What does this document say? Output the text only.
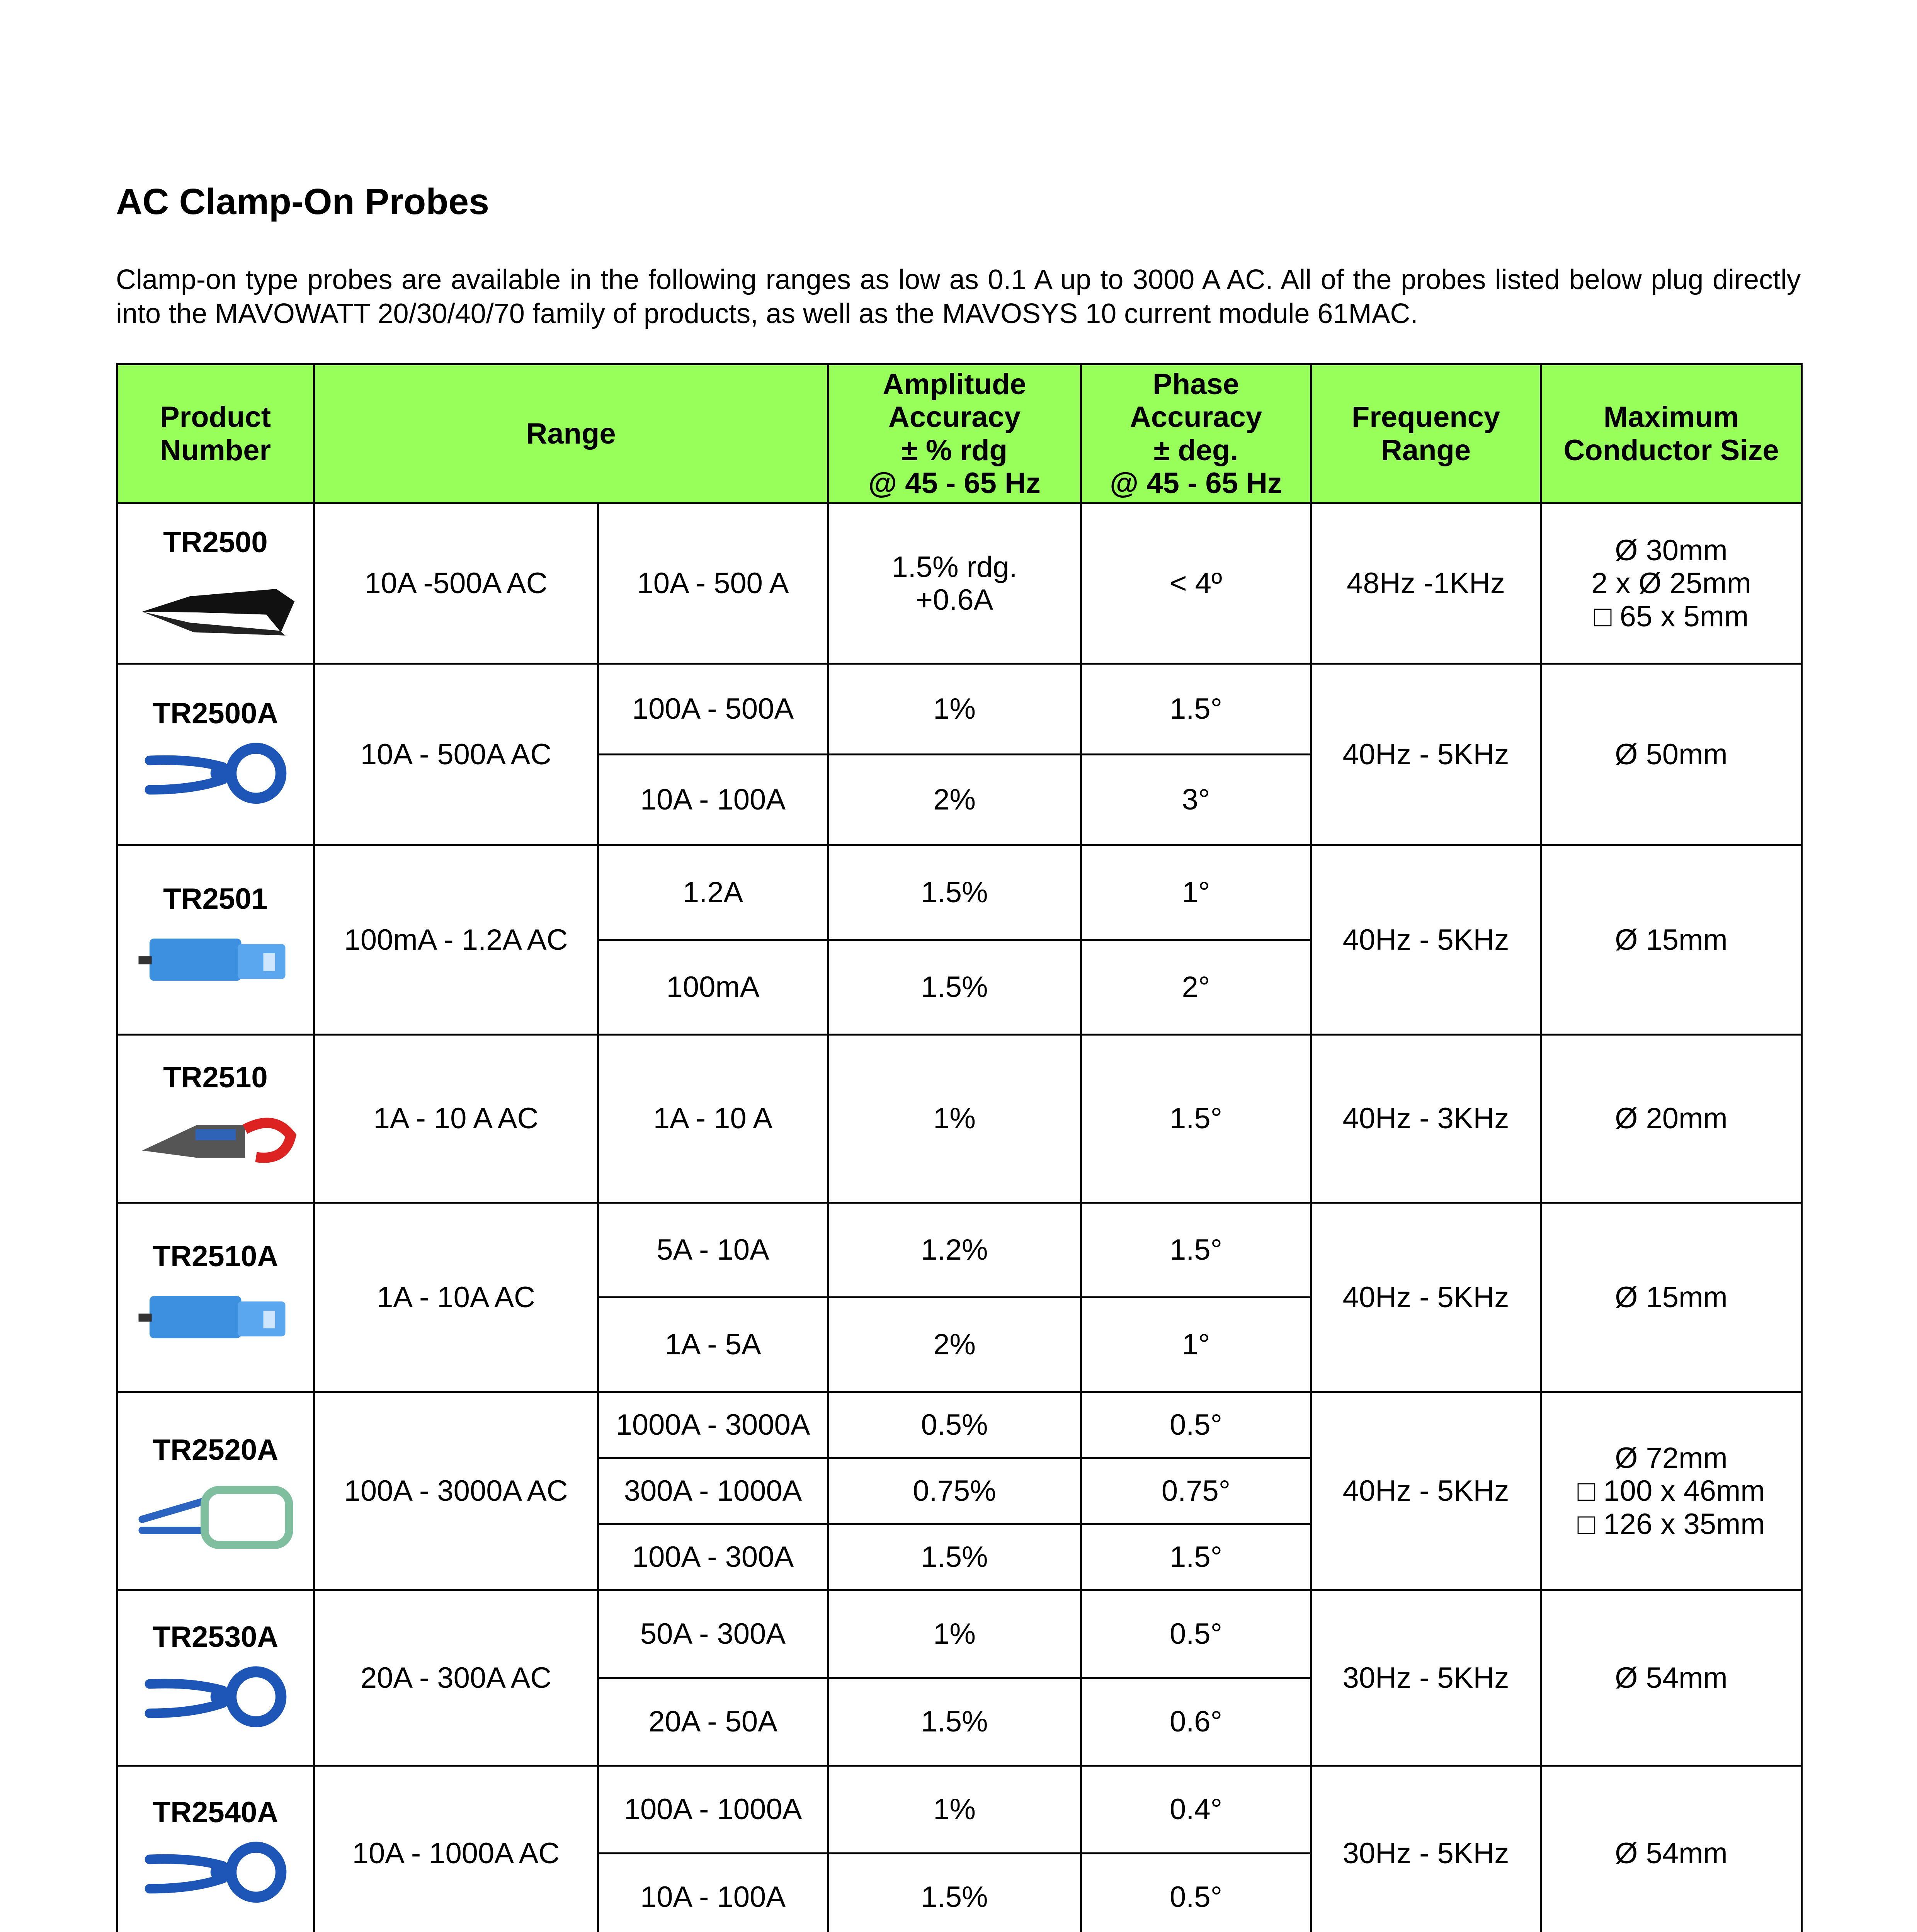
AC Clamp-On Probes

Clamp-on type probes are available in the following ranges as low as 0.1 A up to 3000 A AC. All of the probes listed below plug directly into the MAVOWATT 20/30/40/70 family of products, as well as the MAVOSYS 10 current module 61MAC.

Product Number	Range		Amplitude
Accuracy
± % rdg
@ 45 - 65 Hz	Phase
Accuracy
± deg.
@ 45 - 65 Hz	Frequency Range	Maximum Conductor Size

TR2500	10A -500A AC	10A - 500 A	1.5% rdg.
+0.6A	< 4º	48Hz -1KHz	Ø 30mm
2 x Ø 25mm
□ 65 x 5mm

TR2500A	10A - 500A AC	100A - 500A	1%	1.5°	40Hz - 5KHz	Ø 50mm
		10A - 100A	2%	3°		

TR2501	100mA - 1.2A AC	1.2A	1.5%	1°	40Hz - 5KHz	Ø 15mm
		100mA	1.5%	2°		

TR2510	1A - 10 A AC	1A - 10 A	1%	1.5°	40Hz - 3KHz	Ø 20mm

TR2510A	1A - 10A AC	5A - 10A	1.2%	1.5°	40Hz - 5KHz	Ø 15mm
		1A - 5A	2%	1°		

TR2520A	100A - 3000A AC	1000A - 3000A	0.5%	0.5°	40Hz - 5KHz	Ø 72mm
□ 100 x 46mm
□ 126 x 35mm
		300A - 1000A	0.75%	0.75°		
		100A - 300A	1.5%	1.5°		

TR2530A	20A - 300A AC	50A - 300A	1%	0.5°	30Hz - 5KHz	Ø 54mm
		20A - 50A	1.5%	0.6°		

TR2540A	10A - 1000A AC	100A - 1000A	1%	0.4°	30Hz - 5KHz	Ø 54mm
		10A - 100A	1.5%	0.5°		
